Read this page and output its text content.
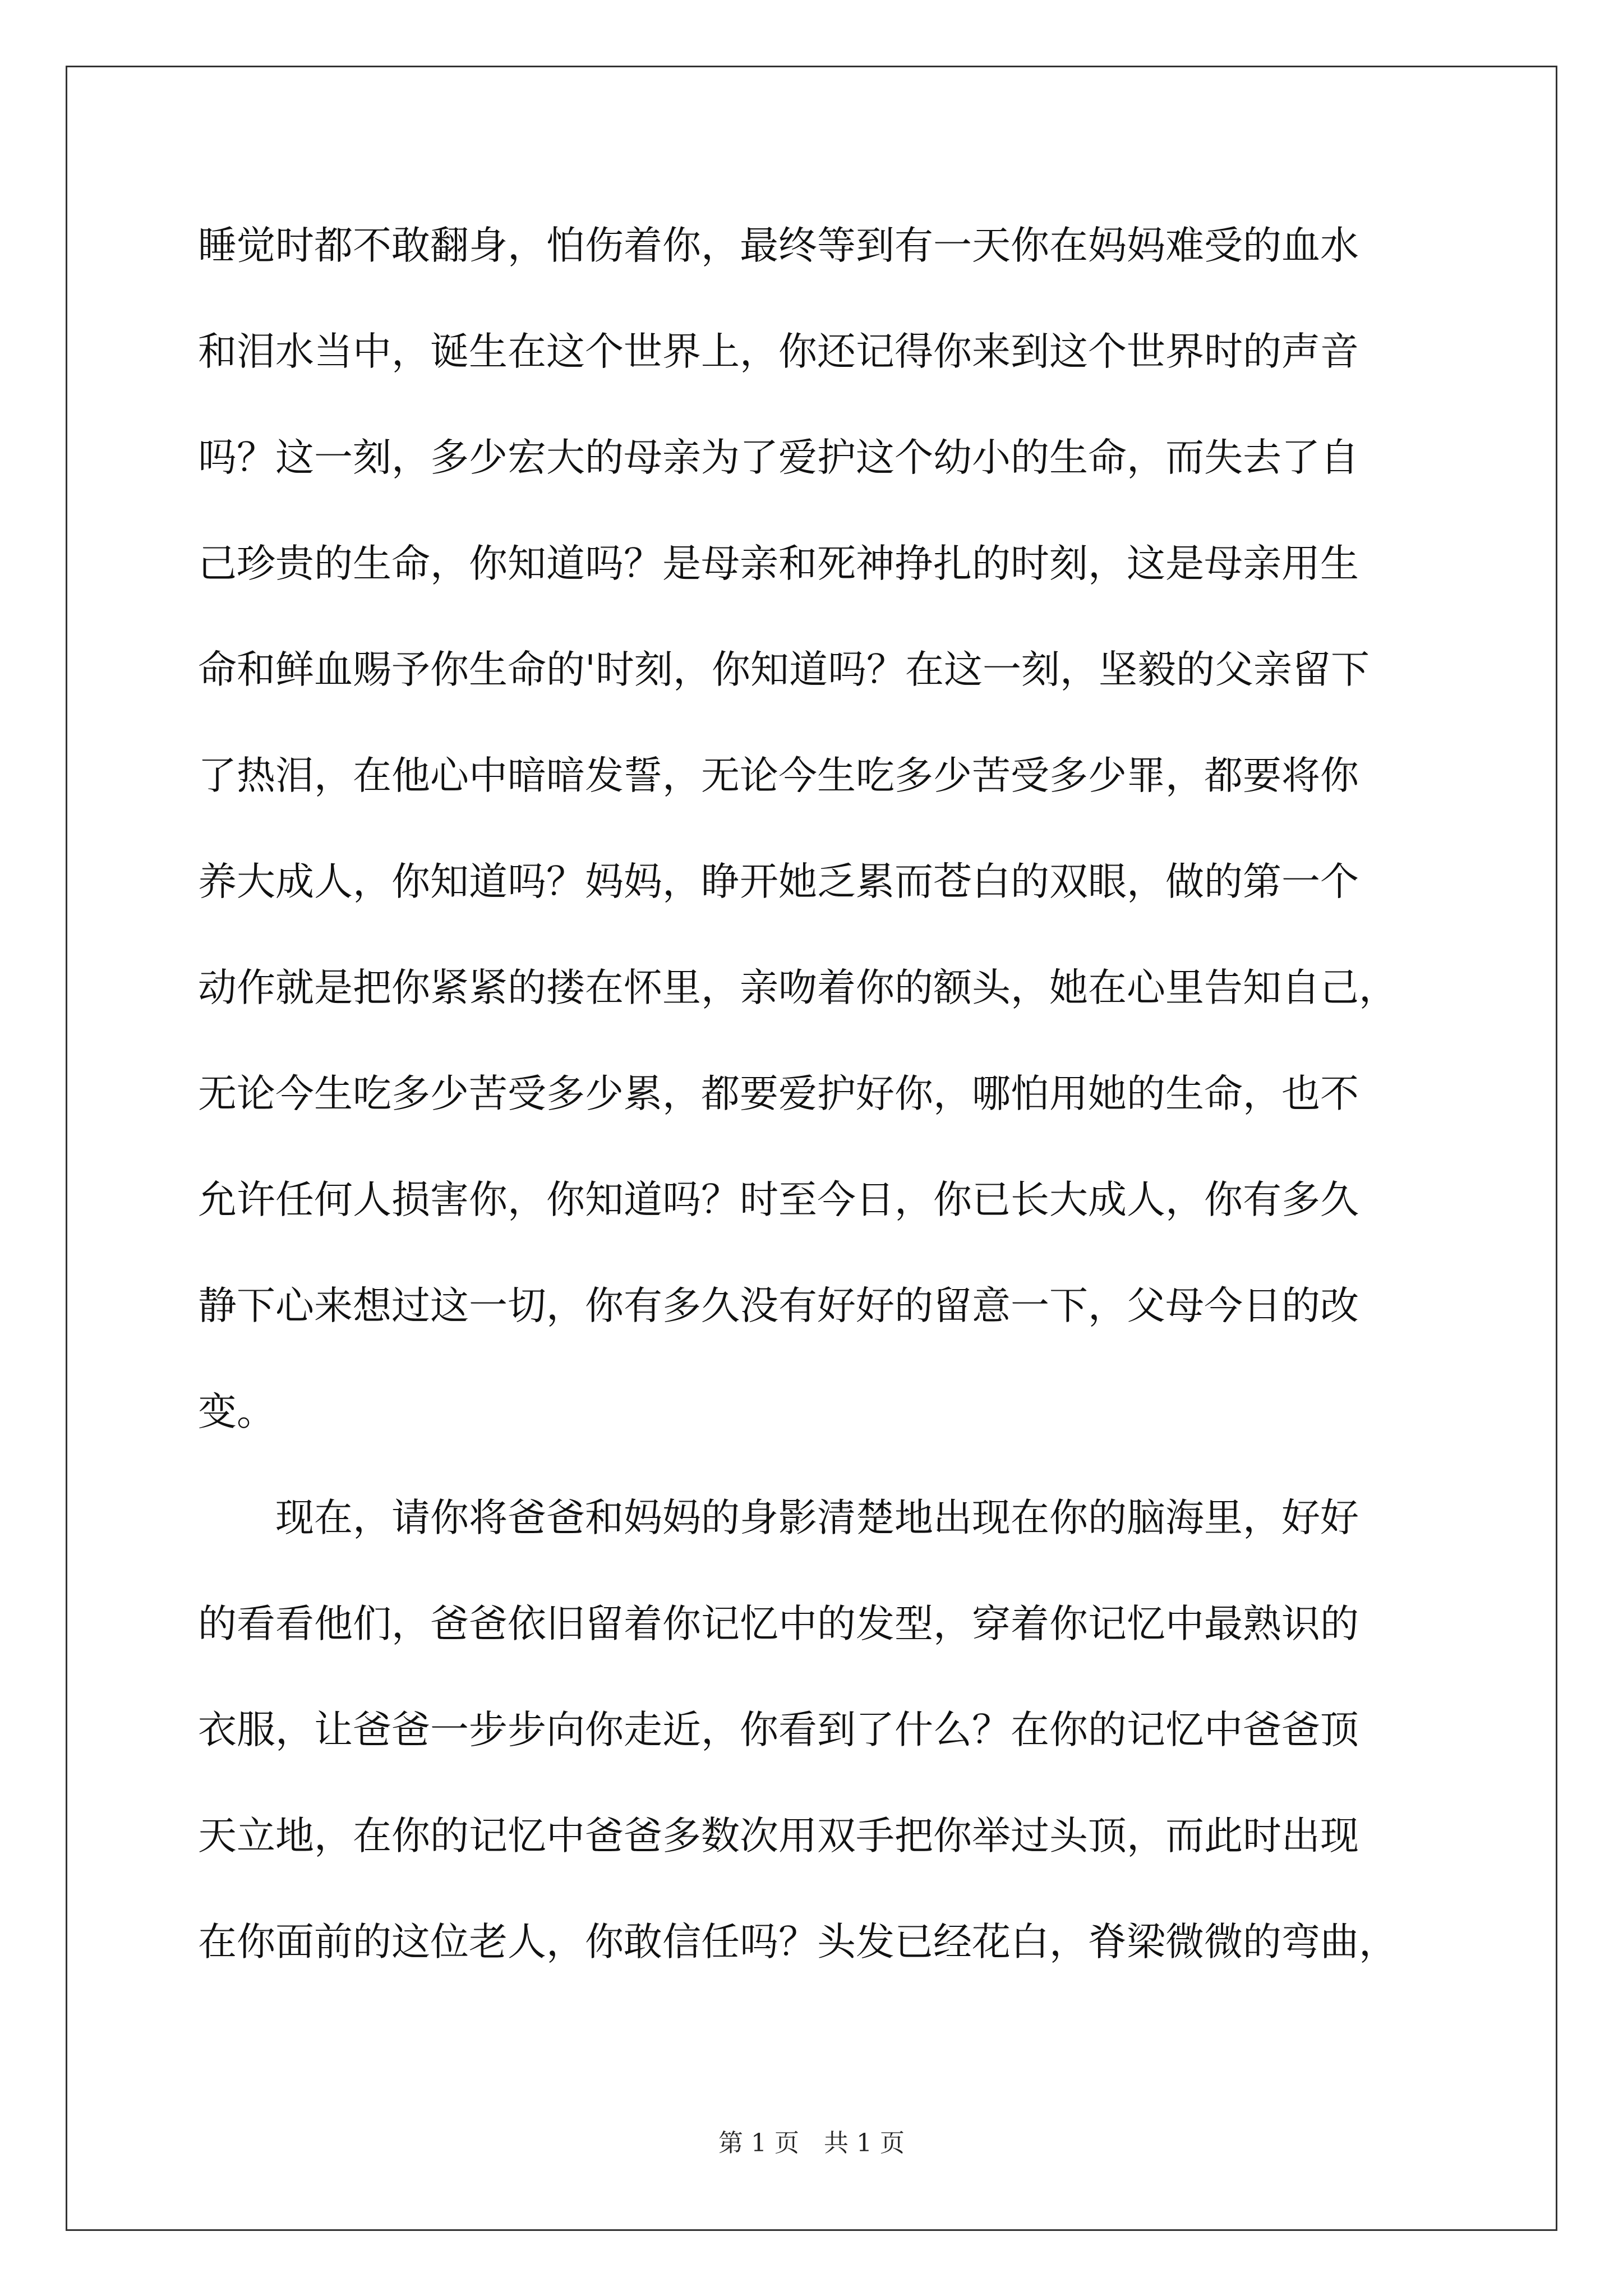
睡觉时都不敢翻身，怕伤着你，最终等到有一天你在妈妈难受的血水
和泪水当中，诞生在这个世界上，你还记得你来到这个世界时的声音
吗？这一刻，多少宏大的母亲为了爱护这个幼小的生命，而失去了自
己珍贵的生命，你知道吗？是母亲和死神挣扎的时刻，这是母亲用生
命和鲜血赐予你生命的'时刻，你知道吗？在这一刻，坚毅的父亲留下
了热泪，在他心中暗暗发誓，无论今生吃多少苦受多少罪，都要将你
养大成人，你知道吗？妈妈，睁开她乏累而苍白的双眼，做的第一个
动作就是把你紧紧的搂在怀里，亲吻着你的额头，她在心里告知自己，
无论今生吃多少苦受多少累，都要爱护好你，哪怕用她的生命，也不
允许任何人损害你，你知道吗？时至今日，你已长大成人，你有多久
静下心来想过这一切，你有多久没有好好的留意一下，父母今日的改
变。
　　现在，请你将爸爸和妈妈的身影清楚地出现在你的脑海里，好好
的看看他们，爸爸依旧留着你记忆中的发型，穿着你记忆中最熟识的
衣服，让爸爸一步步向你走近，你看到了什么？在你的记忆中爸爸顶
天立地，在你的记忆中爸爸多数次用双手把你举过头顶，而此时出现
在你面前的这位老人，你敢信任吗？头发已经花白，脊梁微微的弯曲，
第 1 页　共 1 页
